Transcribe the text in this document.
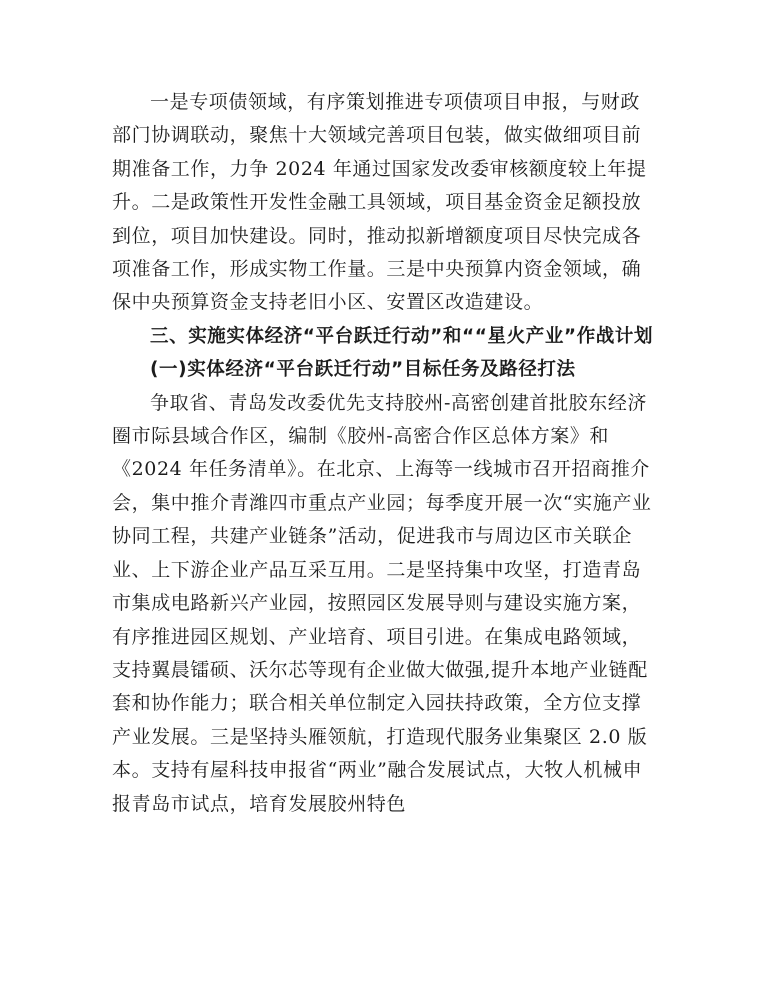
一是专项债领域，有序策划推进专项债项目申报，与财政部门协调联动，聚焦十大领域完善项目包装，做实做细项目前期准备工作，力争 2024 年通过国家发改委审核额度较上年提升。二是政策性开发性金融工具领域，项目基金资金足额投放到位，项目加快建设。同时，推动拟新增额度项目尽快完成各项准备工作，形成实物工作量。三是中央预算内资金领域，确保中央预算资金支持老旧小区、安置区改造建设。

三、实施实体经济“平台跃迁行动”和““星火产业”作战计划

(一)实体经济“平台跃迁行动”目标任务及路径打法

争取省、青岛发改委优先支持胶州-高密创建首批胶东经济圈市际县域合作区，编制《胶州-高密合作区总体方案》和《2024 年任务清单》。在北京、上海等一线城市召开招商推介会，集中推介青潍四市重点产业园；每季度开展一次“实施产业协同工程，共建产业链条”活动，促进我市与周边区市关联企业、上下游企业产品互采互用。二是坚持集中攻坚，打造青岛市集成电路新兴产业园，按照园区发展导则与建设实施方案，有序推进园区规划、产业培育、项目引进。在集成电路领域，支持翼晨镭硕、沃尔芯等现有企业做大做强,提升本地产业链配套和协作能力；联合相关单位制定入园扶持政策，全方位支撑产业发展。三是坚持头雁领航，打造现代服务业集聚区 2.0 版本。支持有屋科技申报省“两业”融合发展试点，大牧人机械申报青岛市试点，培育发展胶州特色
